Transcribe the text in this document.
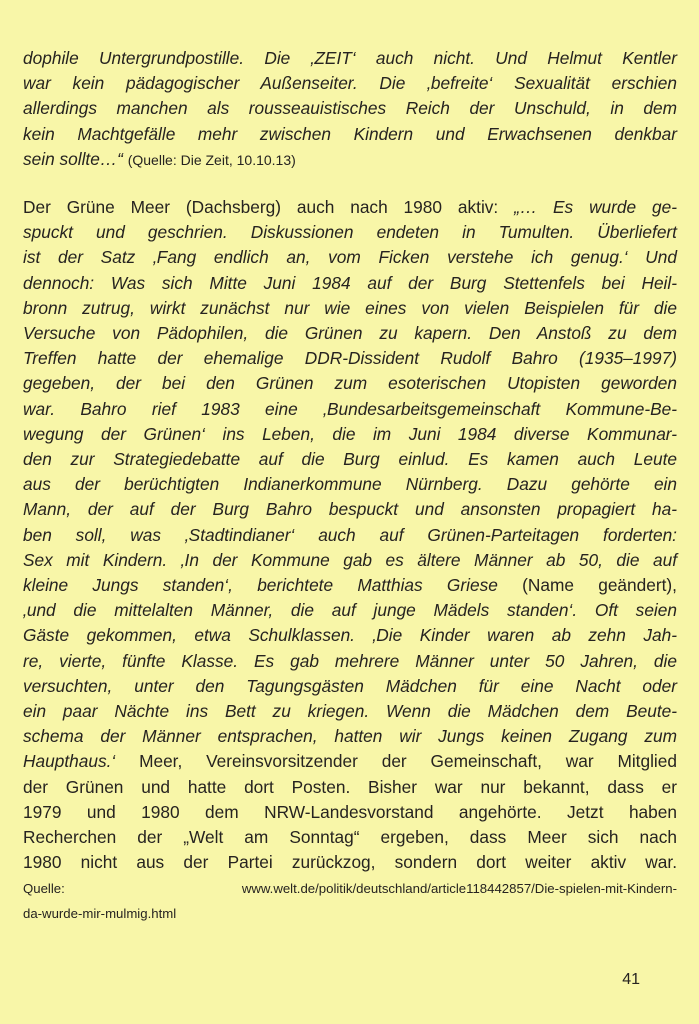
dophile Untergrundpostille. Die ‚ZEIT‘ auch nicht. Und Helmut Kentler
war kein pädagogischer Außenseiter. Die ‚befreite‘ Sexualität erschien
allerdings manchen als rousseauistisches Reich der Unschuld, in dem
kein Machtgefälle mehr zwischen Kindern und Erwachsenen denkbar
sein sollte…“ (Quelle: Die Zeit, 10.10.13)
Der Grüne Meer (Dachsberg) auch nach 1980 aktiv: „… Es wurde ge-
spuckt und geschrien. Diskussionen endeten in Tumulten. Überliefert
ist der Satz ‚Fang endlich an, vom Ficken verstehe ich genug.‘ Und
dennoch: Was sich Mitte Juni 1984 auf der Burg Stettenfels bei Heil-
bronn zutrug, wirkt zunächst nur wie eines von vielen Beispielen für die
Versuche von Pädophilen, die Grünen zu kapern. Den Anstoß zu dem
Treffen hatte der ehemalige DDR-Dissident Rudolf Bahro (1935–1997)
gegeben, der bei den Grünen zum esoterischen Utopisten geworden
war. Bahro rief 1983 eine ‚Bundesarbeitsgemeinschaft Kommune-Be-
wegung der Grünen‘ ins Leben, die im Juni 1984 diverse Kommunar-
den zur Strategiedebatte auf die Burg einlud. Es kamen auch Leute
aus der berüchtigten Indianerkommune Nürnberg. Dazu gehörte ein
Mann, der auf der Burg Bahro bespuckt und ansonsten propagiert ha-
ben soll, was ‚Stadtindianer‘ auch auf Grünen-Parteitagen forderten:
Sex mit Kindern. ‚In der Kommune gab es ältere Männer ab 50, die auf
kleine Jungs standen‘, berichtete Matthias Griese (Name geändert),
‚und die mittelalten Männer, die auf junge Mädels standen‘. Oft seien
Gäste gekommen, etwa Schulklassen. ‚Die Kinder waren ab zehn Jah-
re, vierte, fünfte Klasse. Es gab mehrere Männer unter 50 Jahren, die
versuchten, unter den Tagungsgästen Mädchen für eine Nacht oder
ein paar Nächte ins Bett zu kriegen. Wenn die Mädchen dem Beute-
schema der Männer entsprachen, hatten wir Jungs keinen Zugang zum
Haupthaus.‘ Meer, Vereinsvorsitzender der Gemeinschaft, war Mitglied
der Grünen und hatte dort Posten. Bisher war nur bekannt, dass er
1979 und 1980 dem NRW-Landesvorstand angehörte. Jetzt haben
Recherchen der „Welt am Sonntag“ ergeben, dass Meer sich nach
1980 nicht aus der Partei zurückzog, sondern dort weiter aktiv war.
Quelle: www.welt.de/politik/deutschland/article118442857/Die-spielen-mit-Kindern-
da-wurde-mir-mulmig.html
41
